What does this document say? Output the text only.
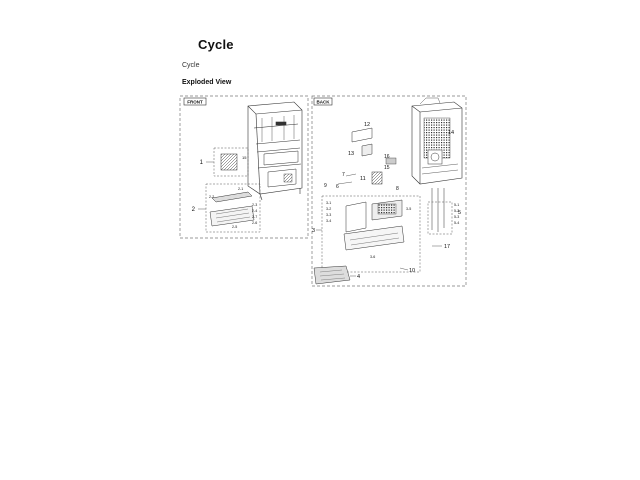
Cycle
Cycle
Exploded View
FRONT
1
15
2
2-1
2-2
2-3
2-4
2-5
2-6
2-7
BACK
12
13
14
16
15
11
7
9	8
6
3
3-1
3-2
3-3
3-4
3-5
3-6
10
4
5-1
5-2
5-3
5-4
5
17
